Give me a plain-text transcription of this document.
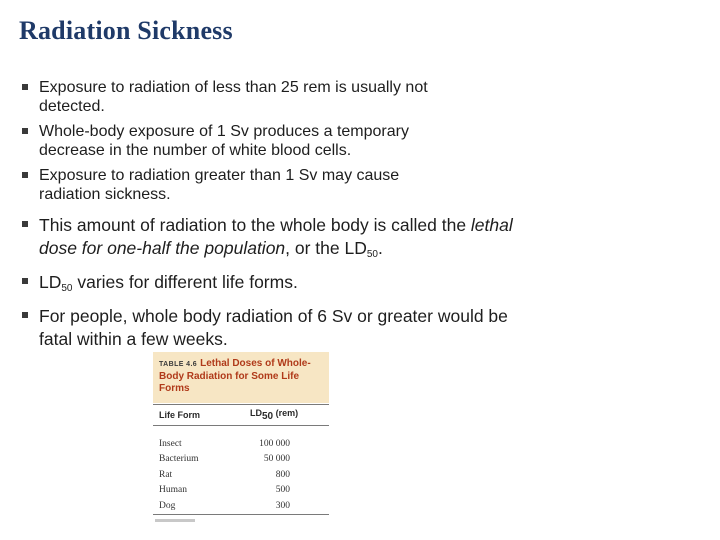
Radiation Sickness
Exposure to radiation of less than 25 rem is usually not detected.
Whole-body exposure of 1 Sv produces a temporary decrease in the number of white blood cells.
Exposure to radiation greater than 1 Sv may cause radiation sickness.
This amount of radiation to the whole body is called the lethal dose for one-half the population, or the $LD_{50}$.
$LD_{50}$ varies for different life forms.
For people, whole body radiation of 6 Sv or greater would be fatal within a few weeks.
TABLE 4.6 Lethal Doses of Whole-Body Radiation for Some Life Forms
Life Form	$LD_{50}$ (rem)
Insect	100 000
Bacterium	50 000
Rat	800
Human	500
Dog	300
